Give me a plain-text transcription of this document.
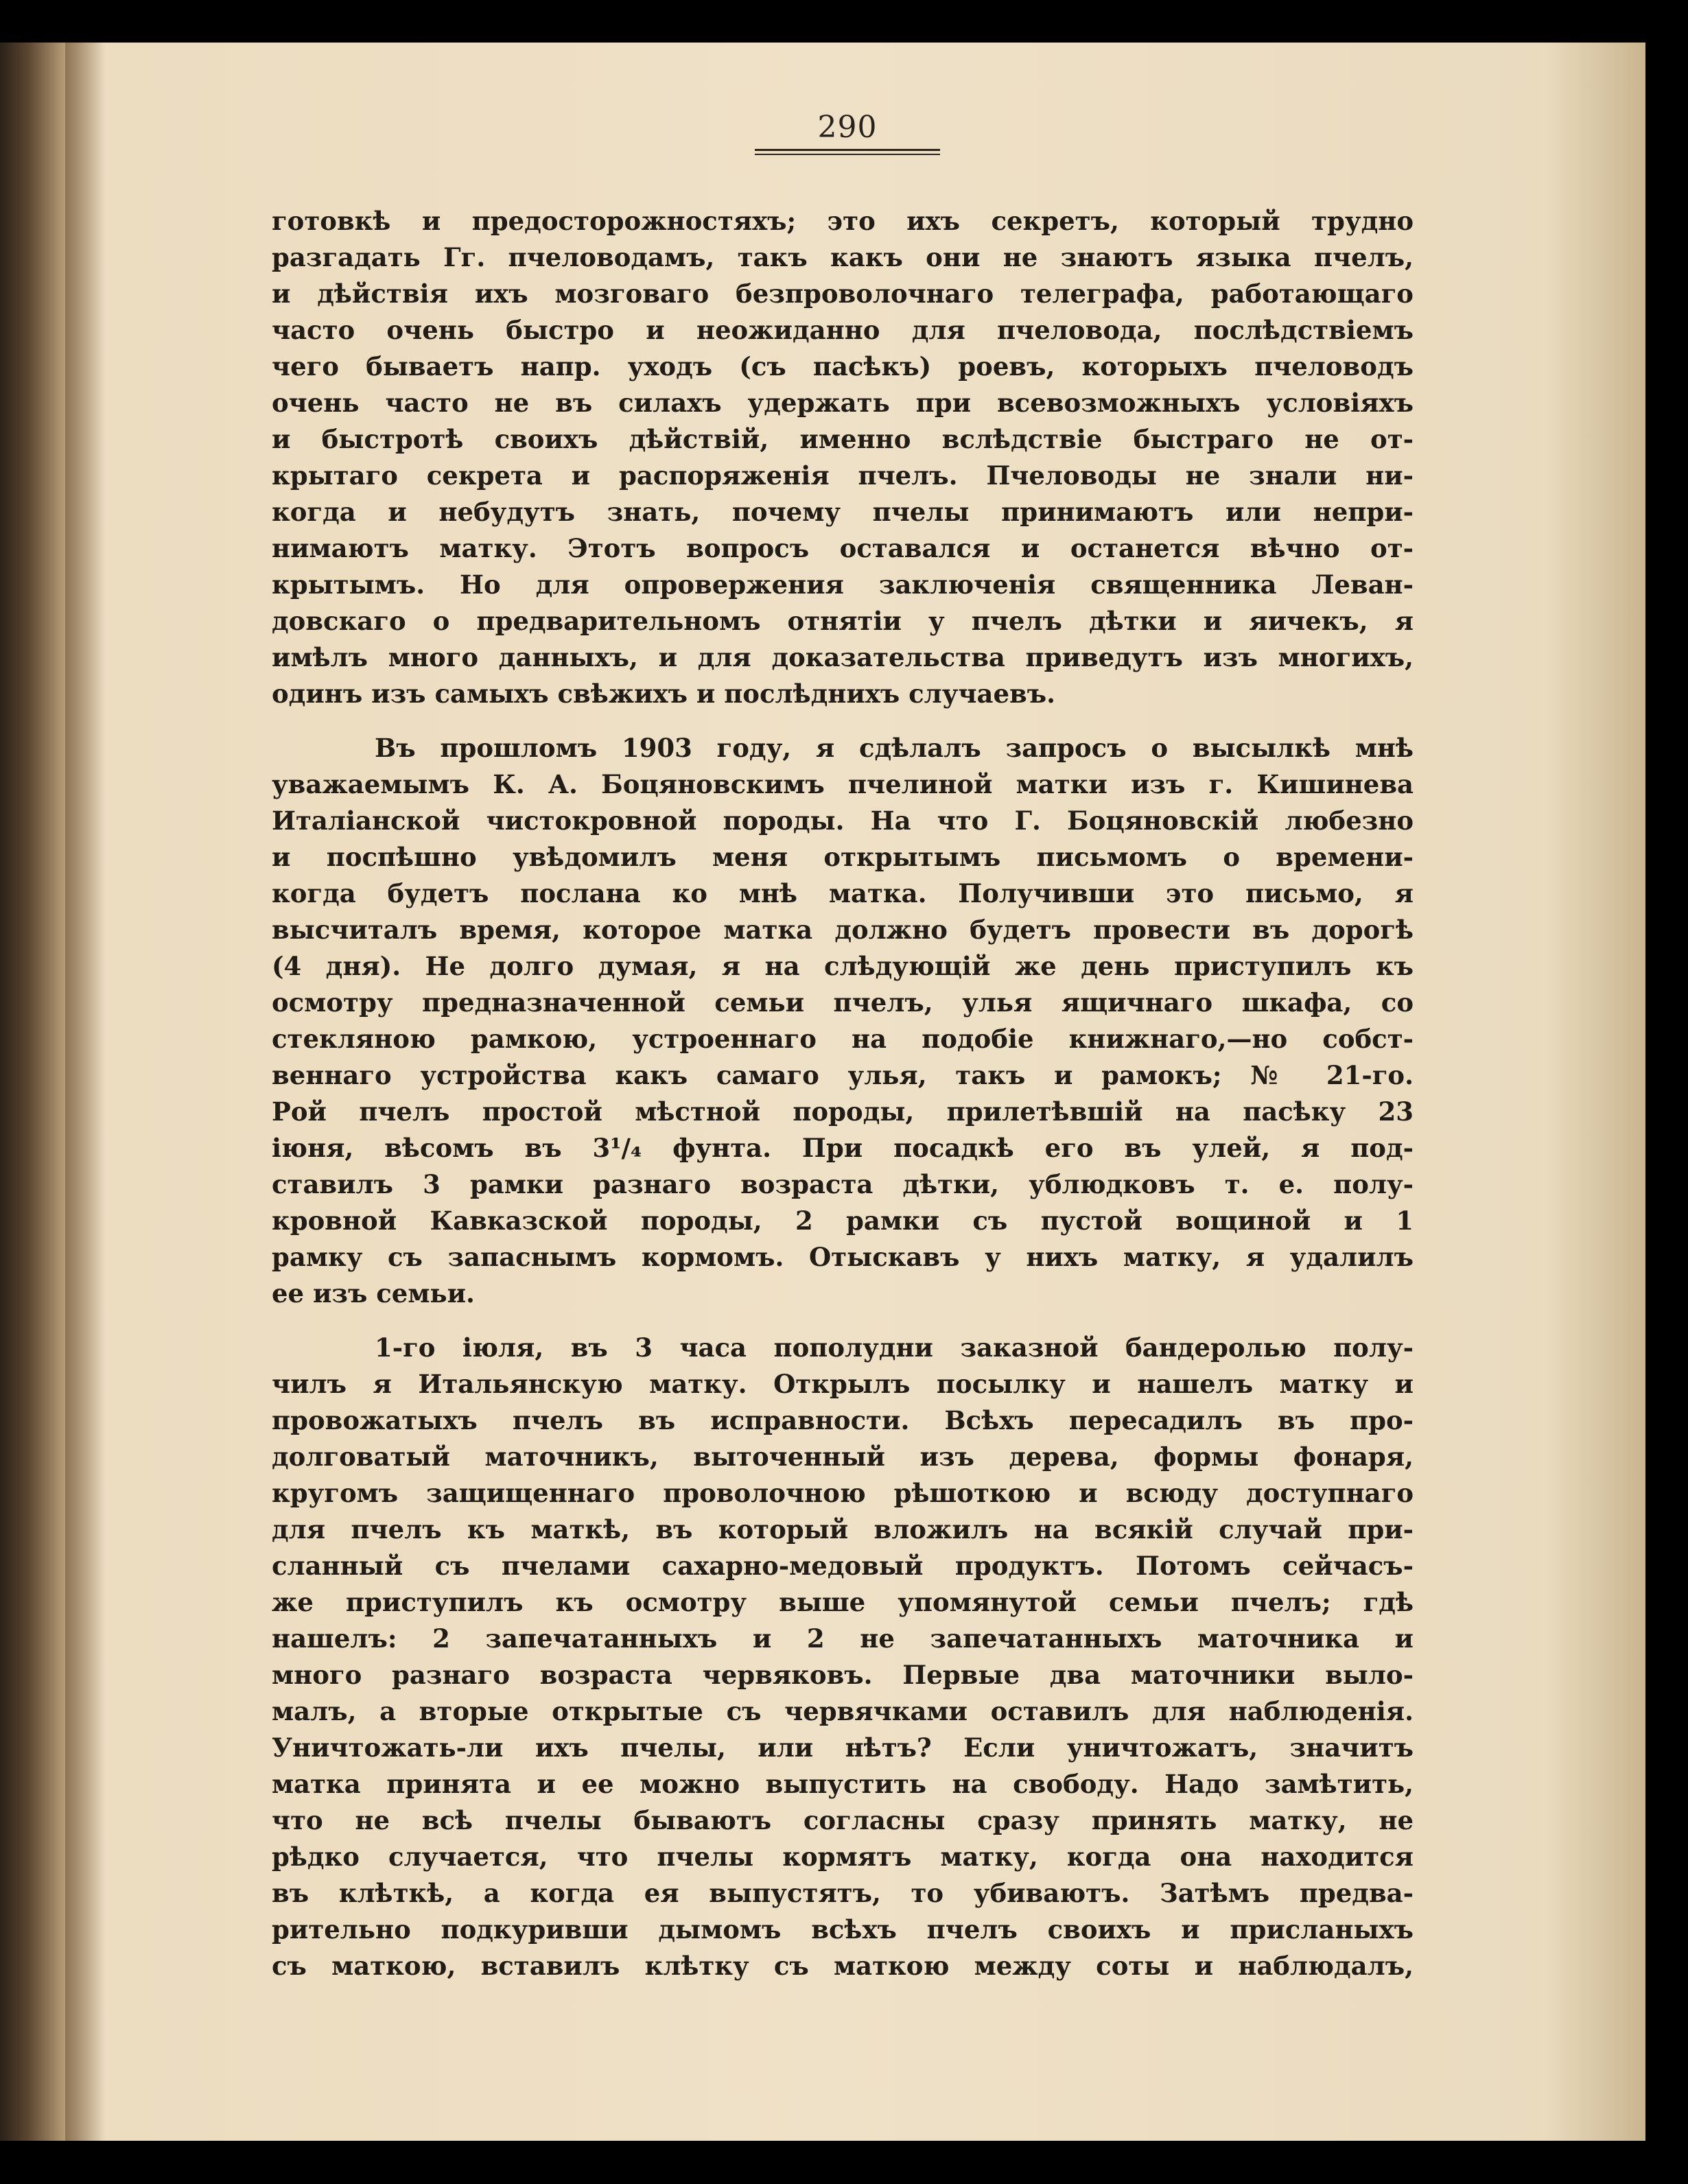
290
готовкѣ и предосторожностяхъ; это ихъ секретъ, который трудно
разгадать Гг. пчеловодамъ, такъ какъ они не знаютъ языка пчелъ,
и дѣйствія ихъ мозговаго безпроволочнаго телеграфа, работающаго
часто очень быстро и неожиданно для пчеловода, послѣдствіемъ
чего бываетъ напр. уходъ (съ пасѣкъ) роевъ, которыхъ пчеловодъ
очень часто не въ силахъ удержать при всевозможныхъ условіяхъ
и быстротѣ своихъ дѣйствій, именно вслѣдствіе быстраго не от-
крытаго секрета и распоряженія пчелъ. Пчеловоды не знали ни-
когда и небудутъ знать, почему пчелы принимаютъ или непри-
нимаютъ матку. Этотъ вопросъ оставался и останется вѣчно от-
крытымъ. Но для опровержения заключенія священника Леван-
довскаго о предварительномъ отнятіи у пчелъ дѣтки и яичекъ, я
имѣлъ много данныхъ, и для доказательства приведутъ изъ многихъ,
одинъ изъ самыхъ свѣжихъ и послѣднихъ случаевъ.
Въ прошломъ 1903 году, я сдѣлалъ запросъ о высылкѣ мнѣ
уважаемымъ К. А. Боцяновскимъ пчелиной матки изъ г. Кишинева
Италіанской чистокровной породы. На что Г. Боцяновскій любезно
и поспѣшно увѣдомилъ меня открытымъ письмомъ о времени-
когда будетъ послана ко мнѣ матка. Получивши это письмо, я
высчиталъ время, которое матка должно будетъ провести въ дорогѣ
(4 дня). Не долго думая, я на слѣдующій же день приступилъ къ
осмотру предназначенной семьи пчелъ, улья ящичнаго шкафа, со
стекляною рамкою, устроеннаго на подобіе книжнаго,—но собст-
веннаго устройства какъ самаго улья, такъ и рамокъ; № 21-го.
Рой пчелъ простой мѣстной породы, прилетѣвшій на пасѣку 23
іюня, вѣсомъ въ 3¹/₄ фунта. При посадкѣ его въ улей, я под-
ставилъ 3 рамки разнаго возраста дѣтки, ублюдковъ т. е. полу-
кровной Кавказской породы, 2 рамки съ пустой вощиной и 1
рамку съ запаснымъ кормомъ. Отыскавъ у нихъ матку, я удалилъ
ее изъ семьи.
1-го іюля, въ 3 часа пополудни заказной бандеролью полу-
чилъ я Итальянскую матку. Открылъ посылку и нашелъ матку и
провожатыхъ пчелъ въ исправности. Всѣхъ пересадилъ въ про-
долговатый маточникъ, выточенный изъ дерева, формы фонаря,
кругомъ защищеннаго проволочною рѣшоткою и всюду доступнаго
для пчелъ къ маткѣ, въ который вложилъ на всякій случай при-
сланный съ пчелами сахарно-медовый продуктъ. Потомъ сейчасъ-
же приступилъ къ осмотру выше упомянутой семьи пчелъ; гдѣ
нашелъ: 2 запечатанныхъ и 2 не запечатанныхъ маточника и
много разнаго возраста червяковъ. Первые два маточники выло-
малъ, а вторые открытые съ червячками оставилъ для наблюденія.
Уничтожать-ли ихъ пчелы, или нѣтъ? Если уничтожатъ, значитъ
матка принята и ее можно выпустить на свободу. Надо замѣтить,
что не всѣ пчелы бываютъ согласны сразу принять матку, не
рѣдко случается, что пчелы кормятъ матку, когда она находится
въ клѣткѣ, а когда ея выпустятъ, то убиваютъ. Затѣмъ предва-
рительно подкуривши дымомъ всѣхъ пчелъ своихъ и присланыхъ
съ маткою, вставилъ клѣтку съ маткою между соты и наблюдалъ,
